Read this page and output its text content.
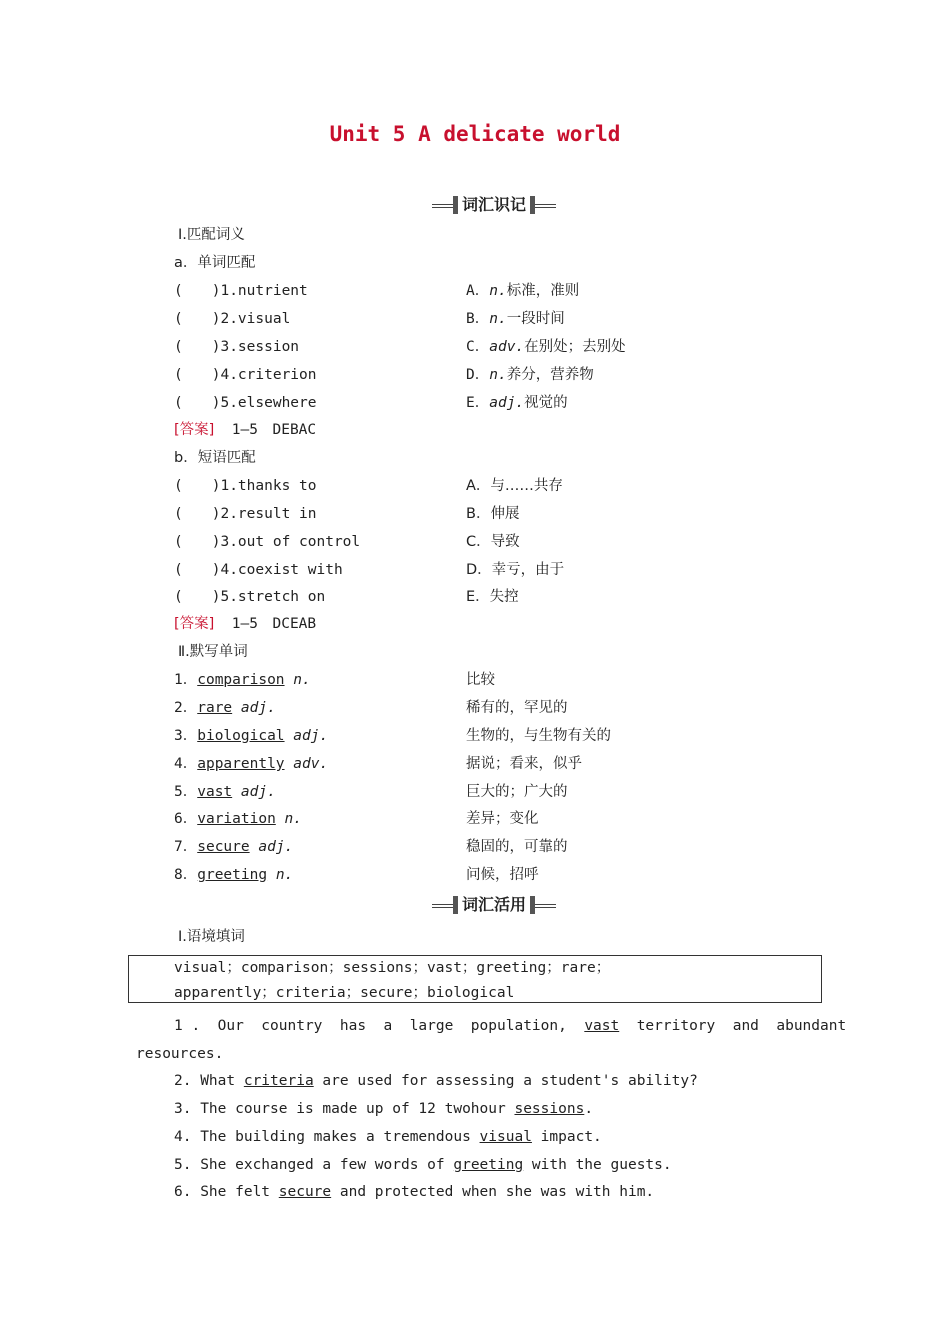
Unit 5 A delicate world
词汇识记
Ⅰ.匹配词义
a．单词匹配
(　　)1.nutrient	A．n.标准，准则
(　　)2.visual	B．n.一段时间
(　　)3.session	C．adv.在别处；去别处
(　　)4.criterion	D．n.养分，营养物
(　　)5.elsewhere	E．adj.视觉的
[答案] 1—5　DEBAC
b．短语匹配
(　　)1.thanks to	A．与……共存
(　　)2.result in	B．伸展
(　　)3.out of control	C．导致
(　　)4.coexist with	D．幸亏，由于
(　　)5.stretch on	E．失控
[答案] 1—5　DCEAB
Ⅱ.默写单词
1．comparison n.	比较
2．rare adj.	稀有的，罕见的
3．biological adj.	生物的，与生物有关的
4．apparently adv.	据说；看来，似乎
5．vast adj.	巨大的；广大的
6．variation n.	差异；变化
7．secure adj.	稳固的，可靠的
8．greeting n.	问候，招呼
词汇活用
Ⅰ.语境填词
visual；comparison；sessions；vast；greeting；rare；
apparently；criteria；secure；biological
1 .  Our  country  has  a  large  population,  vast  territory  and  abundant
resources.
2. What criteria are used for assessing a student's ability?
3. The course is made up of 12 twohour sessions.
4. The building makes a tremendous visual impact.
5. She exchanged a few words of greeting with the guests.
6. She felt secure and protected when she was with him.
